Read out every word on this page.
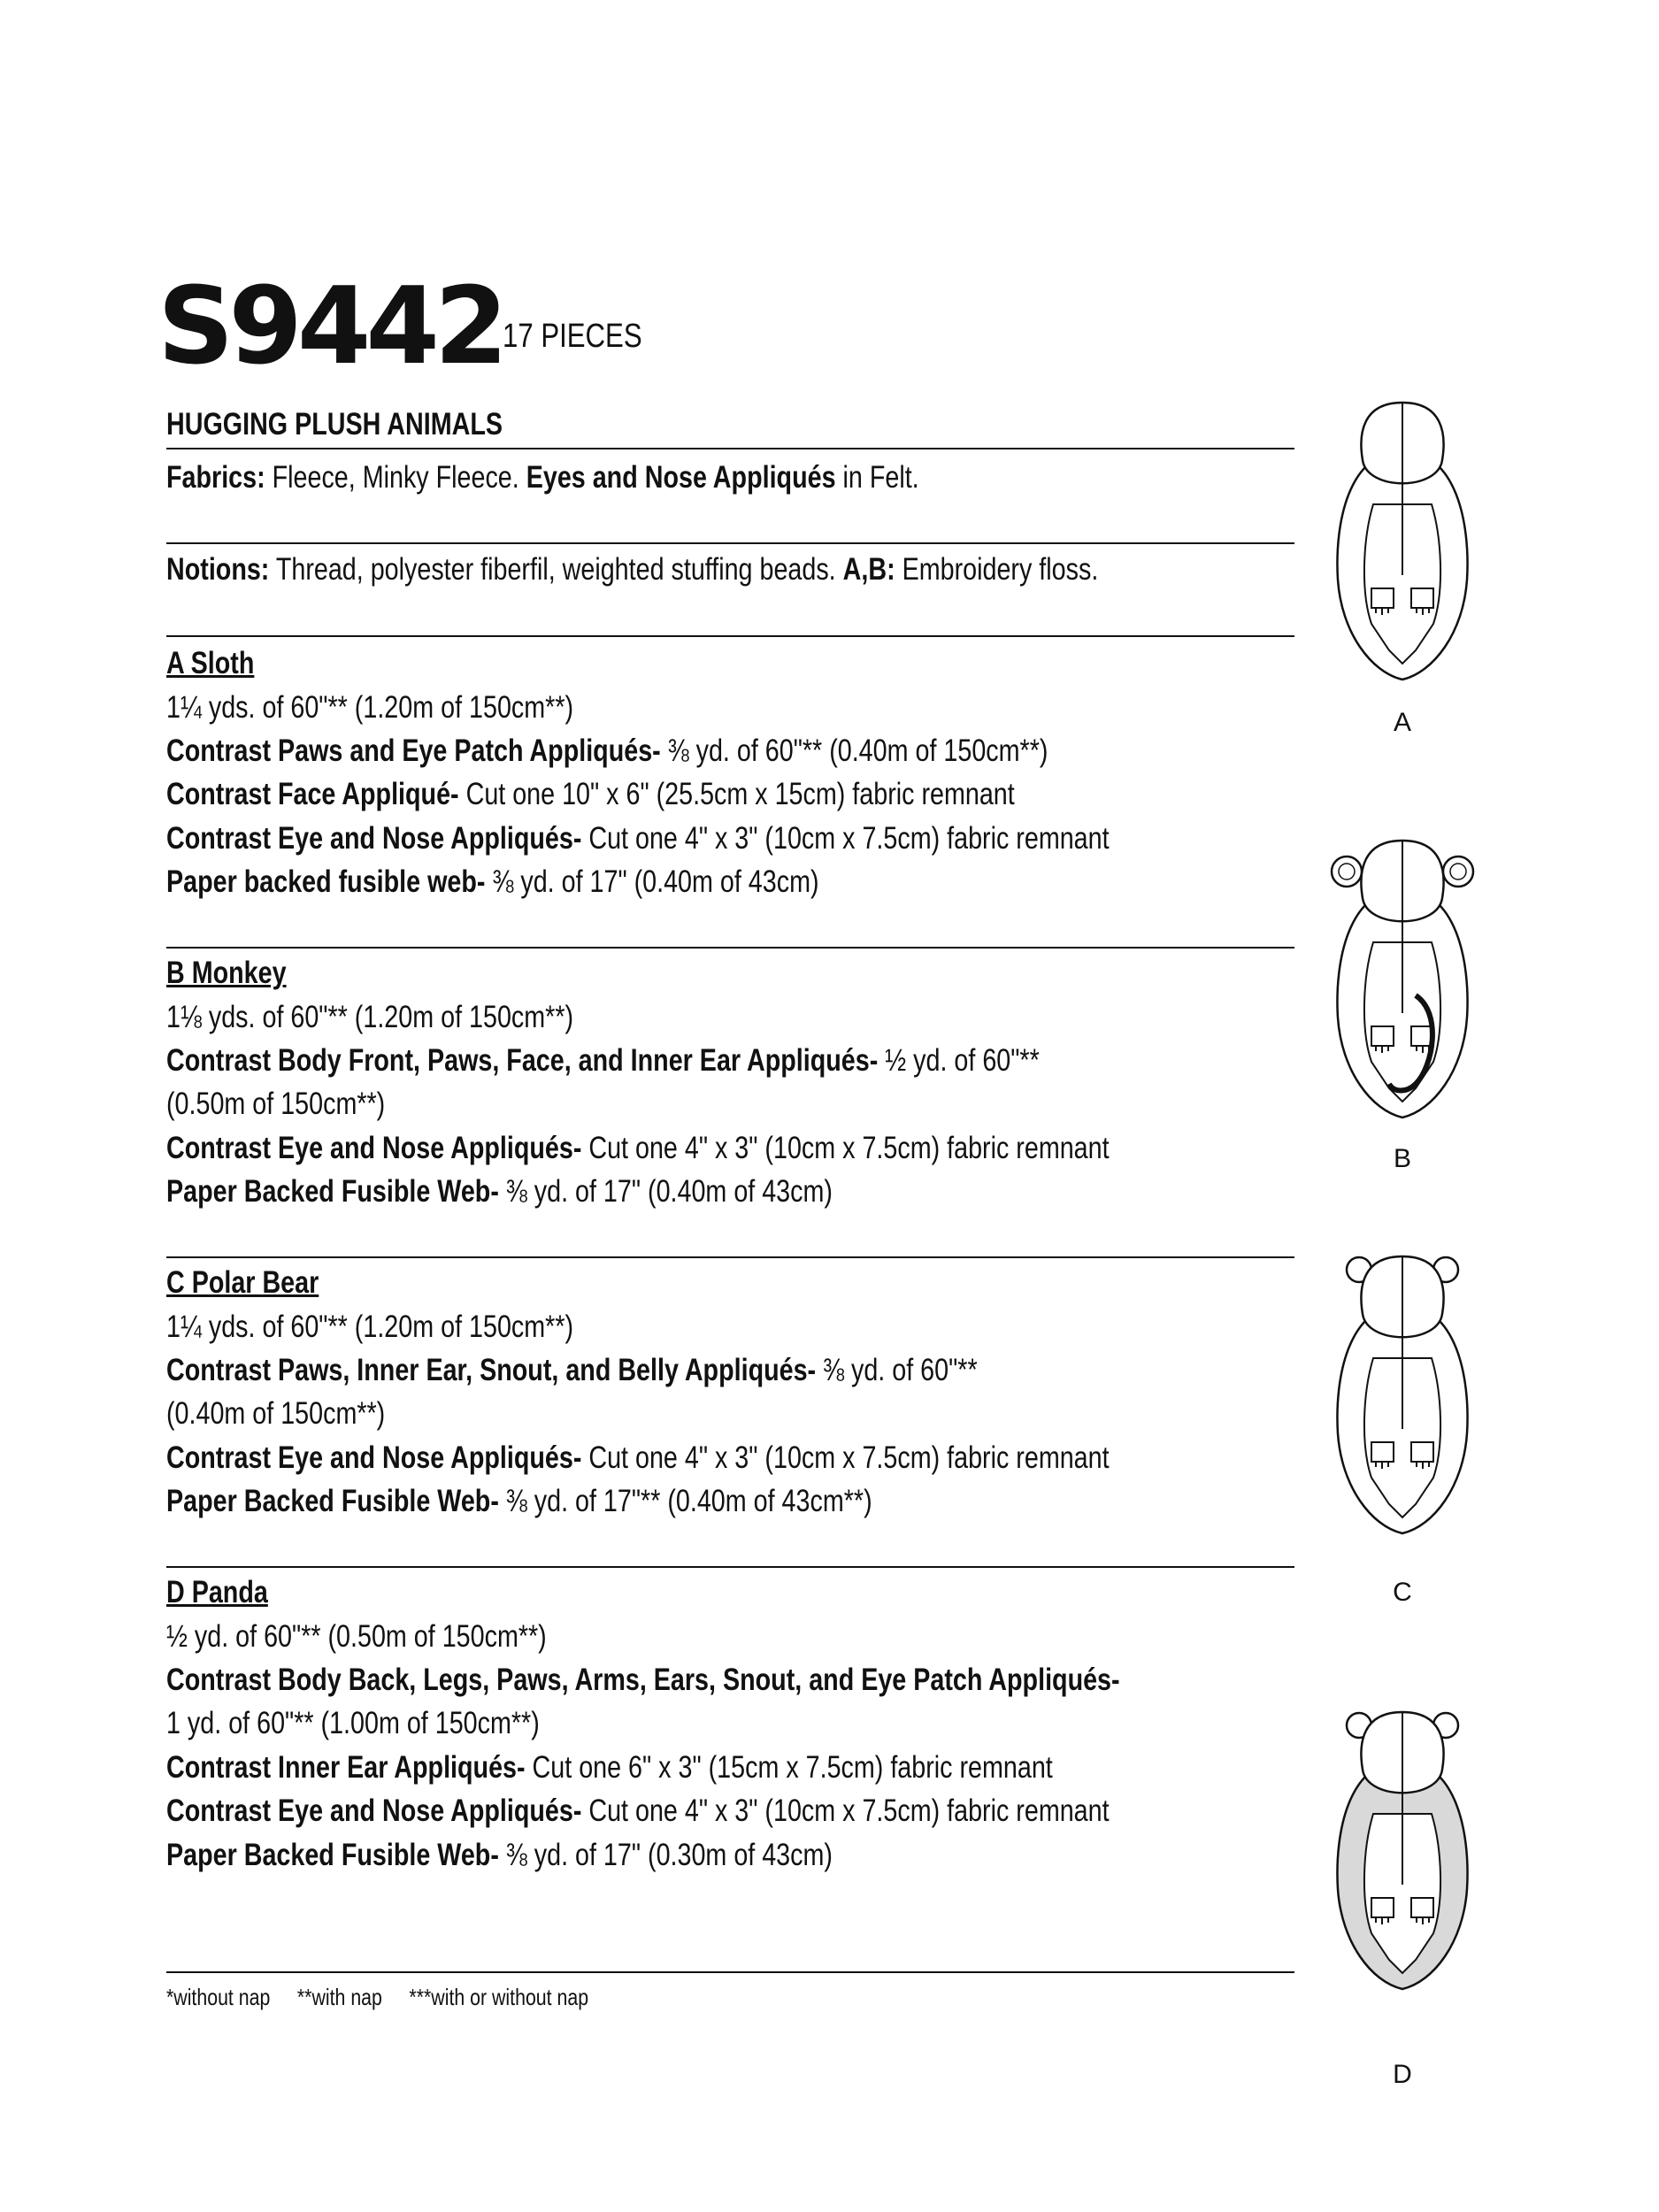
S9442 17 PIECES
HUGGING PLUSH ANIMALS
Fabrics: Fleece, Minky Fleece. Eyes and Nose Appliqués in Felt.
Notions: Thread, polyester fiberfil, weighted stuffing beads. A,B: Embroidery floss.
A Sloth
1¼ yds. of 60"** (1.20m of 150cm**)
Contrast Paws and Eye Patch Appliqués- ⅜ yd. of 60"** (0.40m of 150cm**)
Contrast Face Appliqué- Cut one 10" x 6" (25.5cm x 15cm) fabric remnant
Contrast Eye and Nose Appliqués- Cut one 4" x 3" (10cm x 7.5cm) fabric remnant
Paper backed fusible web- ⅜ yd. of 17" (0.40m of 43cm)
B Monkey
1⅛ yds. of 60"** (1.20m of 150cm**)
Contrast Body Front, Paws, Face, and Inner Ear Appliqués- ½ yd. of 60"**
(0.50m of 150cm**)
Contrast Eye and Nose Appliqués- Cut one 4" x 3" (10cm x 7.5cm) fabric remnant
Paper Backed Fusible Web- ⅜ yd. of 17" (0.40m of 43cm)
C Polar Bear
1¼ yds. of 60"** (1.20m of 150cm**)
Contrast Paws, Inner Ear, Snout, and Belly Appliqués- ⅜ yd. of 60"**
(0.40m of 150cm**)
Contrast Eye and Nose Appliqués- Cut one 4" x 3" (10cm x 7.5cm) fabric remnant
Paper Backed Fusible Web- ⅜ yd. of 17"** (0.40m of 43cm**)
D Panda
½ yd. of 60"** (0.50m of 150cm**)
Contrast Body Back, Legs, Paws, Arms, Ears, Snout, and Eye Patch Appliqués-
1 yd. of 60"** (1.00m of 150cm**)
Contrast Inner Ear Appliqués- Cut one 6" x 3" (15cm x 7.5cm) fabric remnant
Contrast Eye and Nose Appliqués- Cut one 4" x 3" (10cm x 7.5cm) fabric remnant
Paper Backed Fusible Web- ⅜ yd. of 17" (0.30m of 43cm)
*without nap **with nap ***with or without nap
A
B
C
D
